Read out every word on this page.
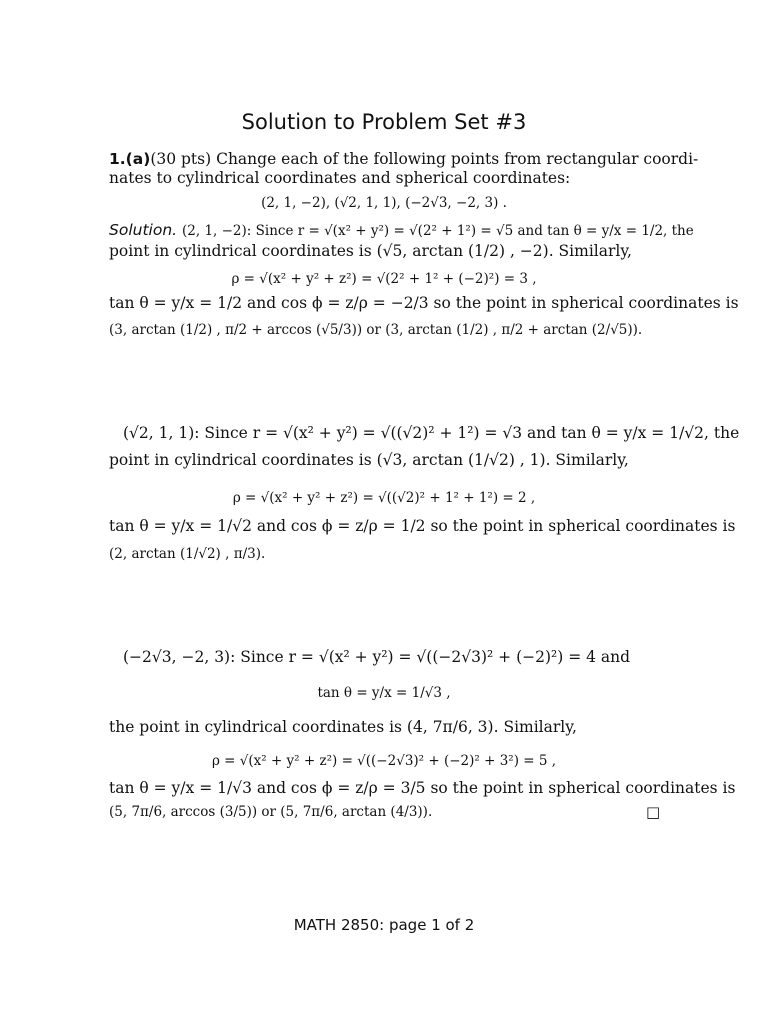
Solution to Problem Set #3
1.(a)(30 pts) Change each of the following points from rectangular coordi-
nates to cylindrical coordinates and spherical coordinates:
(2, 1, −2), (√2, 1, 1), (−2√3, −2, 3) .
Solution. (2, 1, −2): Since r = √(x² + y²) = √(2² + 1²) = √5 and tan θ = y/x = 1/2, the
point in cylindrical coordinates is (√5, arctan (1/2) , −2). Similarly,
ρ = √(x² + y² + z²) = √(2² + 1² + (−2)²) = 3 ,
tan θ = y/x = 1/2 and cos ϕ = z/ρ = −2/3 so the point in spherical coordinates is
(3, arctan (1/2) , π/2 + arccos (√5/3)) or (3, arctan (1/2) , π/2 + arctan (2/√5)).
(√2, 1, 1): Since r = √(x² + y²) = √((√2)² + 1²) = √3 and tan θ = y/x = 1/√2, the
point in cylindrical coordinates is (√3, arctan (1/√2) , 1). Similarly,
ρ = √(x² + y² + z²) = √((√2)² + 1² + 1²) = 2 ,
tan θ = y/x = 1/√2 and cos ϕ = z/ρ = 1/2 so the point in spherical coordinates is
(2, arctan (1/√2) , π/3).
(−2√3, −2, 3): Since r = √(x² + y²) = √((−2√3)² + (−2)²) = 4 and
tan θ = y/x = 1/√3 ,
the point in cylindrical coordinates is (4, 7π/6, 3). Similarly,
ρ = √(x² + y² + z²) = √((−2√3)² + (−2)² + 3²) = 5 ,
tan θ = y/x = 1/√3 and cos ϕ = z/ρ = 3/5 so the point in spherical coordinates is
(5, 7π/6, arccos (3/5)) or (5, 7π/6, arctan (4/3)).	□
MATH 2850: page 1 of 2
